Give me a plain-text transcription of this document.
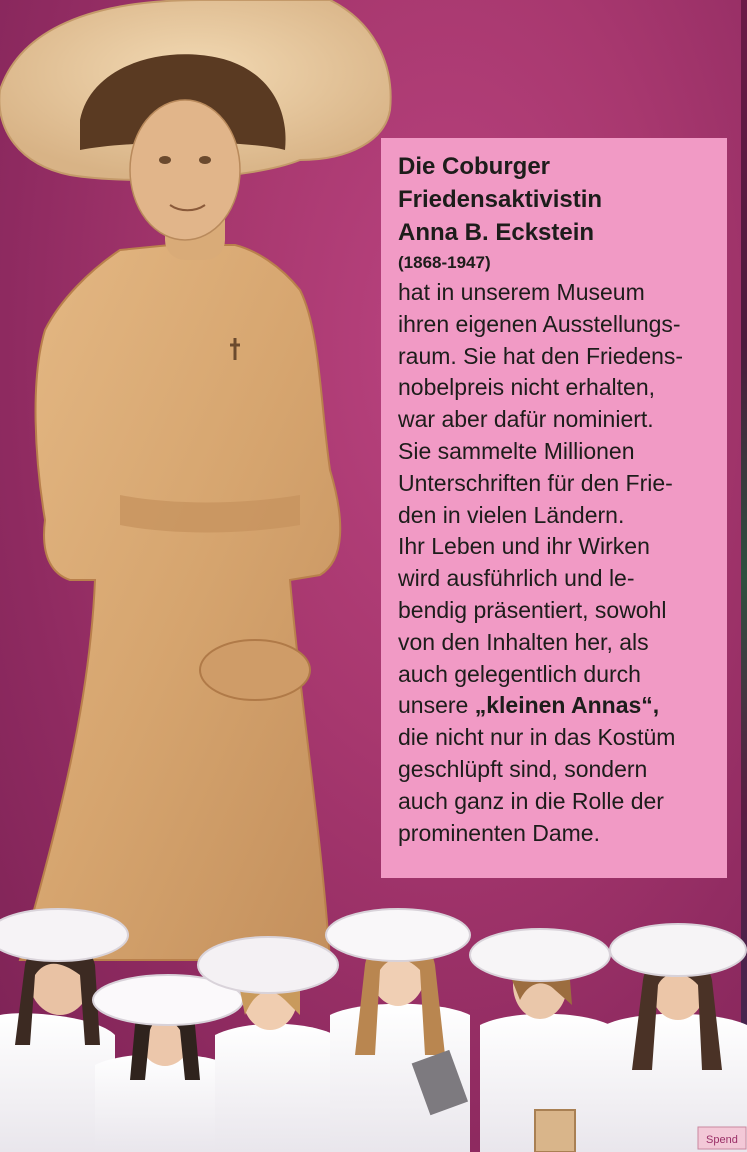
Die Coburger
Friedensaktivistin
Anna B. Eckstein

(1868-1947)

hat in unserem Museum
ihren eigenen Ausstellungs-
raum. Sie hat den Friedens-
nobelpreis nicht erhalten,
war aber dafür nominiert.
Sie sammelte Millionen
Unterschriften für den Frie-
den in vielen Ländern.
Ihr Leben und ihr Wirken
wird ausführlich und le-
bendig präsentiert, sowohl
von den Inhalten her, als
auch gelegentlich durch
unsere „kleinen Annas“,
die nicht nur in das Kostüm
geschlüpft sind, sondern
auch ganz in die Rolle der
prominenten Dame.

Spend
